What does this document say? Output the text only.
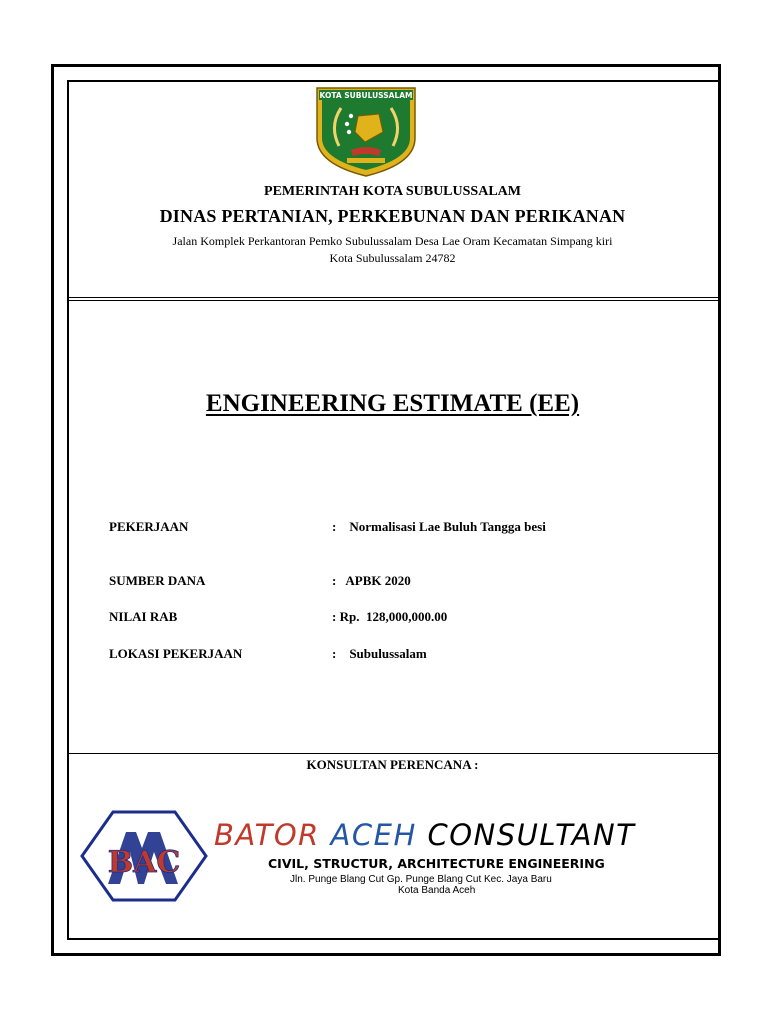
KOTA SUBULUSSALAM
PEMERINTAH KOTA SUBULUSSALAM
DINAS PERTANIAN, PERKEBUNAN DAN PERIKANAN
Jalan Komplek Perkantoran Pemko Subulussalam Desa Lae Oram Kecamatan Simpang kiri
Kota Subulussalam 24782
ENGINEERING ESTIMATE (EE)
PEKERJAAN	:    Normalisasi Lae Buluh Tangga besi
SUMBER DANA	:   APBK 2020
NILAI RAB	: Rp.  128,000,000.00
LOKASI PEKERJAAN	:    Subulussalam
KONSULTAN PERENCANA :
BAC
BATOR ACEH CONSULTANT
CIVIL, STRUCTUR, ARCHITECTURE ENGINEERING
Jln. Punge Blang Cut Gp. Punge Blang Cut Kec. Jaya Baru
Kota Banda Aceh
